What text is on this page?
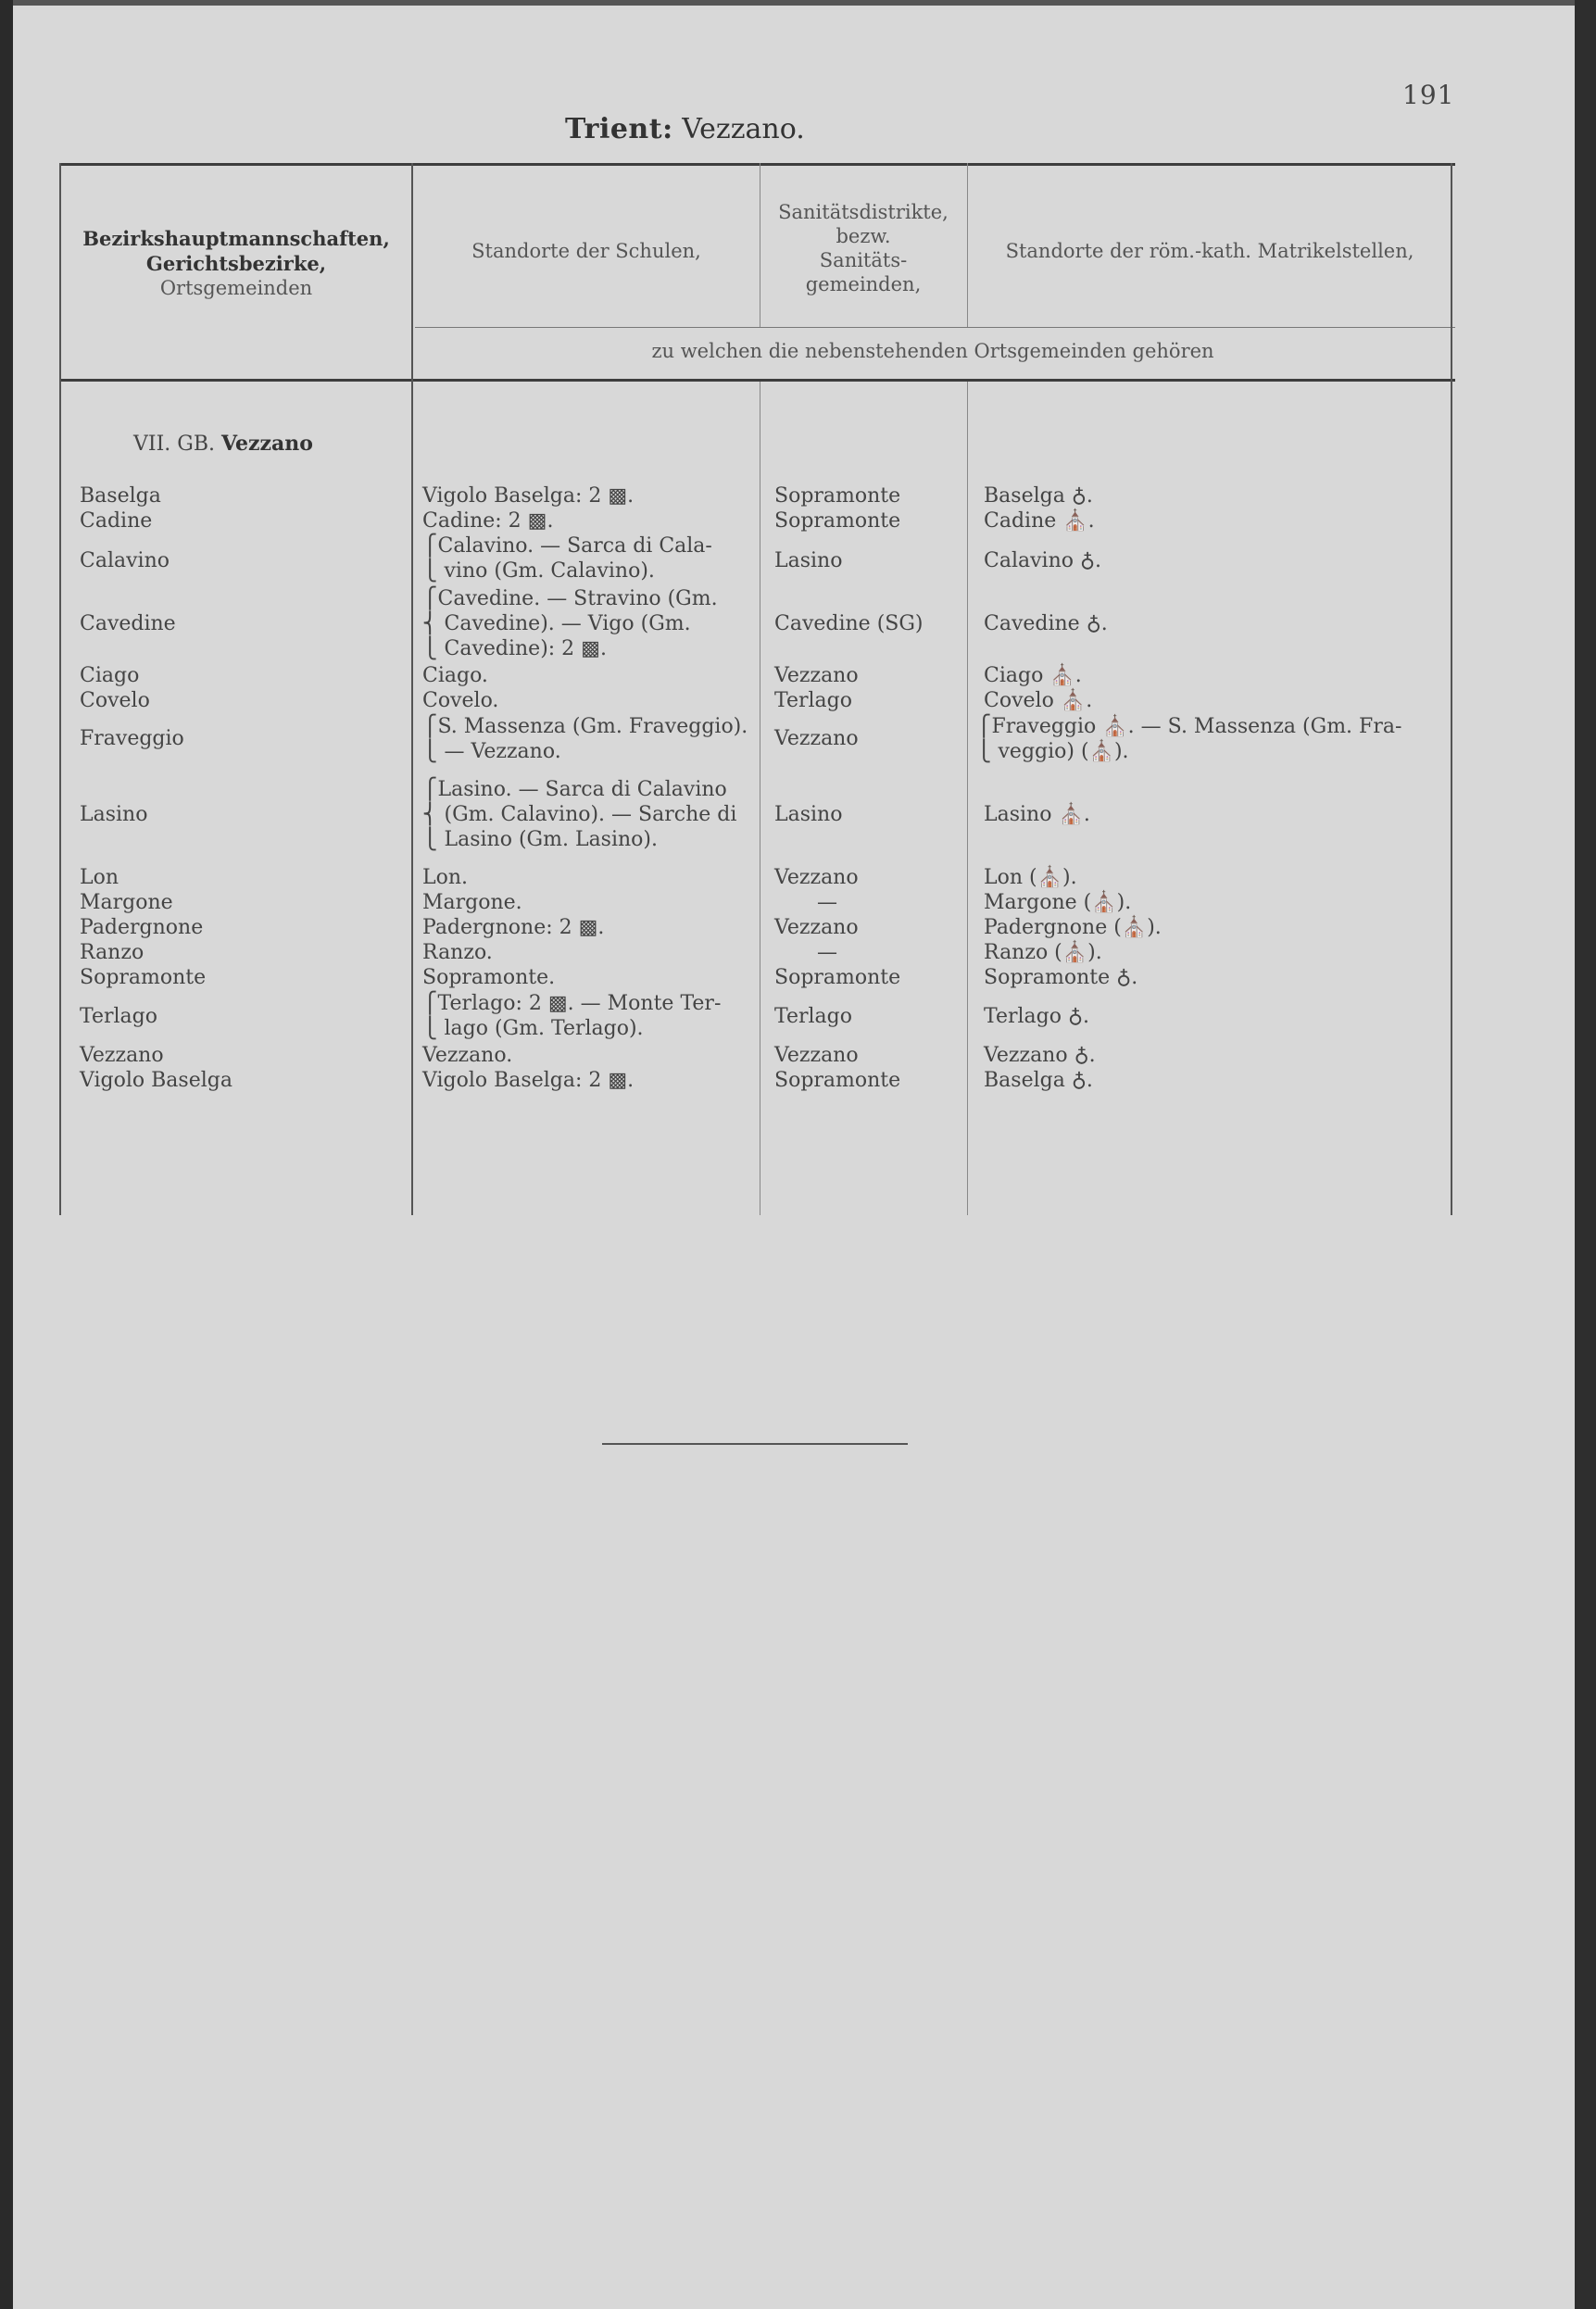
191
Trient: Vezzano.
Bezirkshauptmannschaften,
Gerichtsbezirke,
Ortsgemeinden
Standorte der Schulen,
Sanitätsdistrikte,
bezw.
Sanitäts-
gemeinden,
Standorte der röm.-kath. Matrikelstellen,
zu welchen die nebenstehenden Ortsgemeinden gehören
VII. GB. Vezzano
Baselga
Cadine
Calavino
Cavedine
Ciago
Covelo
Fraveggio
Lasino
Lon
Margone
Padergnone
Ranzo
Sopramonte
Terlago
Vezzano
Vigolo Baselga
Vigolo Baselga: 2 ▩.
Cadine: 2 ▩.
⎧Calavino. — Sarca di Cala-
⎩ vino (Gm. Calavino).
⎧Cavedine. — Stravino (Gm.
⎨ Cavedine). — Vigo (Gm.
⎩ Cavedine): 2 ▩.
Ciago.
Covelo.
⎧S. Massenza (Gm. Fraveggio).
⎩ — Vezzano.
⎧Lasino. — Sarca di Calavino
⎨ (Gm. Calavino). — Sarche di
⎩ Lasino (Gm. Lasino).
Lon.
Margone.
Padergnone: 2 ▩.
Ranzo.
Sopramonte.
⎧Terlago: 2 ▩. — Monte Ter-
⎩ lago (Gm. Terlago).
Vezzano.
Vigolo Baselga: 2 ▩.
Sopramonte
Sopramonte
Lasino
Cavedine (SG)
Vezzano
Terlago
Vezzano
Lasino
Vezzano
—
Vezzano
—
Sopramonte
Terlago
Vezzano
Sopramonte
Baselga ♁.
Cadine ⛪.
Calavino ♁.
Cavedine ♁.
Ciago ⛪.
Covelo ⛪.
⎧Fraveggio ⛪. — S. Massenza (Gm. Fra-
⎩ veggio) (⛪).
Lasino ⛪.
Lon (⛪).
Margone (⛪).
Padergnone (⛪).
Ranzo (⛪).
Sopramonte ♁.
Terlago ♁.
Vezzano ♁.
Baselga ♁.
